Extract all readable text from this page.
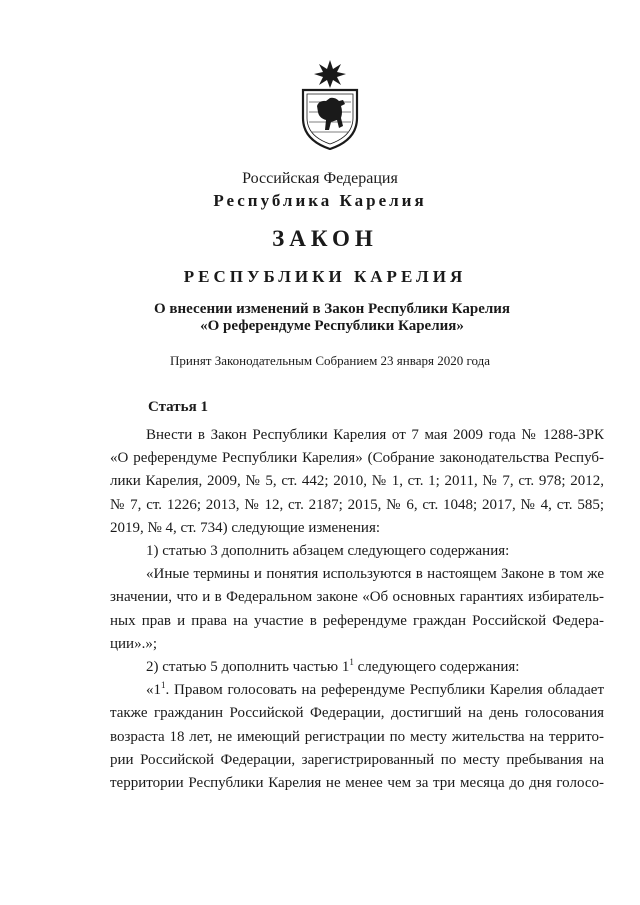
Российская Федерация
Республика Карелия
ЗАКОН
РЕСПУБЛИКИ КАРЕЛИЯ
О внесении изменений в Закон Республики Карелия
«О референдуме Республики Карелия»
Принят Законодательным Собранием 23 января 2020 года
Статья 1
Внести в Закон Республики Карелия от 7 мая 2009 года № 1288-ЗРК
«О референдуме Республики Карелия» (Собрание законодательства Респуб-
лики Карелия, 2009, № 5, ст. 442; 2010, № 1, ст. 1; 2011, № 7, ст. 978; 2012,
№ 7, ст. 1226; 2013, № 12, ст. 2187; 2015, № 6, ст. 1048; 2017, № 4, ст. 585;
2019, № 4, ст. 734) следующие изменения:
1) статью 3 дополнить абзацем следующего содержания:
«Иные термины и понятия используются в настоящем Законе в том же
значении, что и в Федеральном законе «Об основных гарантиях избиратель-
ных прав и права на участие в референдуме граждан Российской Федера-
ции».»;
2) статью 5 дополнить частью $1^1$ следующего содержания:
«$1^1$. Правом голосовать на референдуме Республики Карелия обладает
также гражданин Российской Федерации, достигший на день голосования
возраста 18 лет, не имеющий регистрации по месту жительства на террито-
рии Российской Федерации, зарегистрированный по месту пребывания на
территории Республики Карелия не менее чем за три месяца до дня голосо-
